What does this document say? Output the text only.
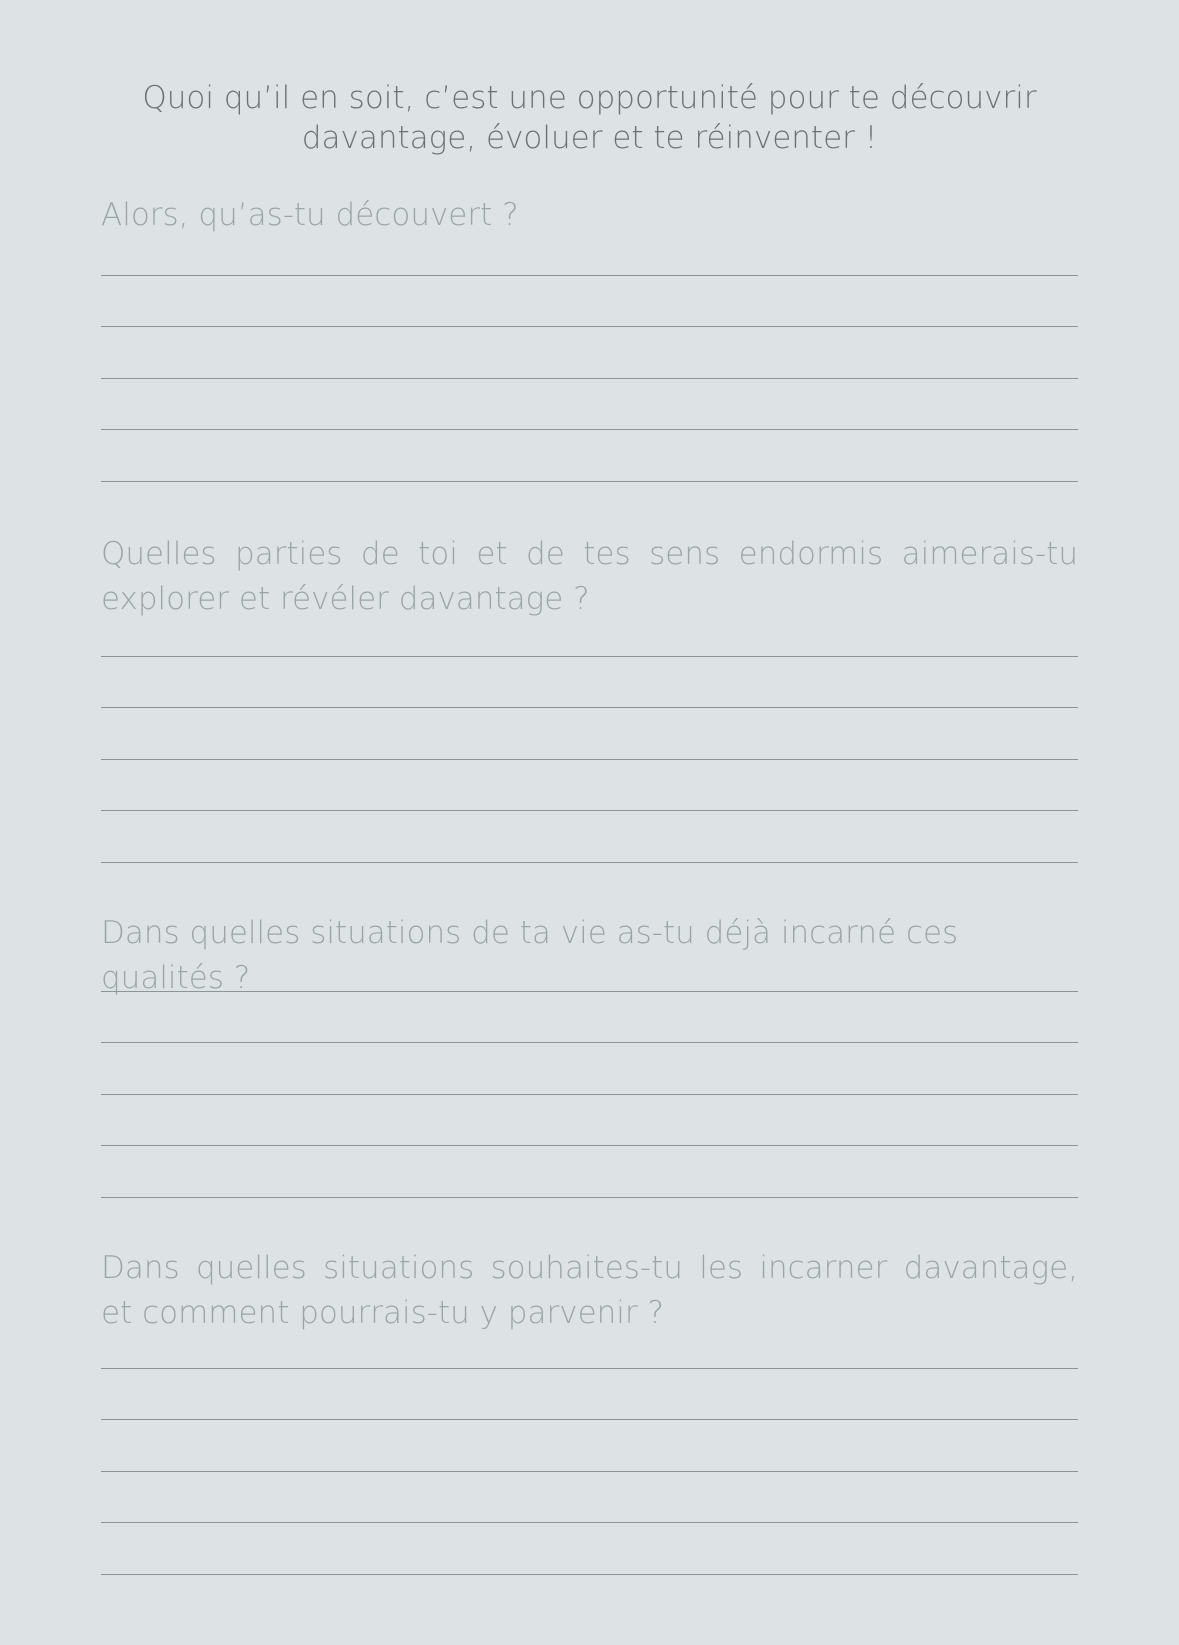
Quoi qu’il en soit, c’est une opportunité pour te découvrir
davantage, évoluer et te réinventer !

Alors, qu’as-tu découvert ?

Quelles parties de toi et de tes sens endormis aimerais-tu explorer et révéler davantage ?

Dans quelles situations de ta vie as-tu déjà incarné ces qualités ?

Dans quelles situations souhaites-tu les incarner davantage, et comment pourrais-tu y parvenir ?
